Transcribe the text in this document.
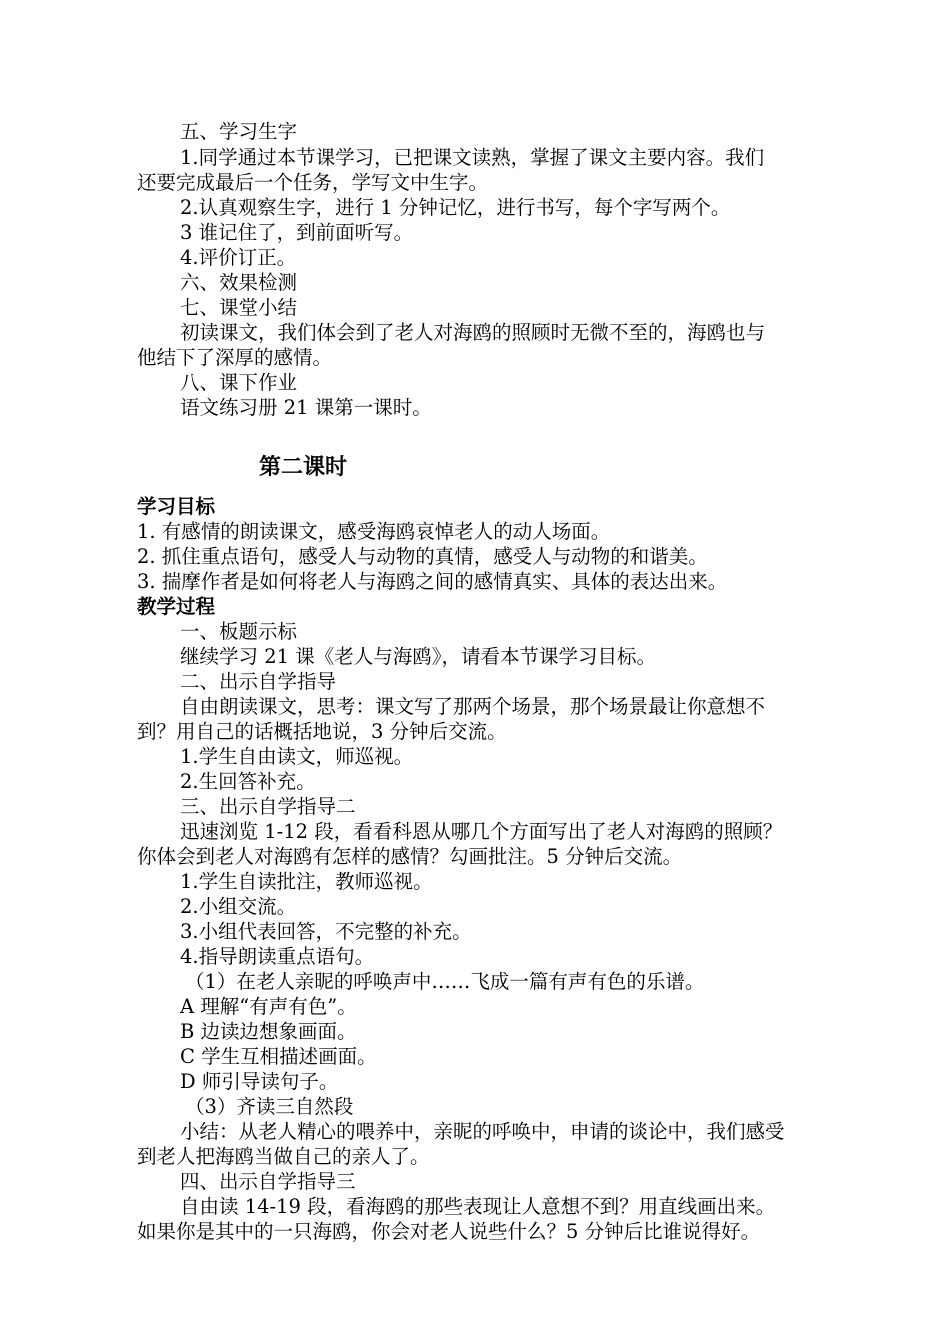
五、学习生字
1.同学通过本节课学习，已把课文读熟，掌握了课文主要内容。我们
还要完成最后一个任务，学写文中生字。
2.认真观察生字，进行 1 分钟记忆，进行书写，每个字写两个。
3 谁记住了，到前面听写。
4.评价订正。
六、效果检测
七、课堂小结
初读课文，我们体会到了老人对海鸥的照顾时无微不至的，海鸥也与
他结下了深厚的感情。
八、课下作业
语文练习册 21 课第一课时。
第二课时
学习目标
1. 有感情的朗读课文，感受海鸥哀悼老人的动人场面。
2. 抓住重点语句，感受人与动物的真情，感受人与动物的和谐美。
3. 揣摩作者是如何将老人与海鸥之间的感情真实、具体的表达出来。
教学过程
一、板题示标
继续学习 21 课《老人与海鸥》，请看本节课学习目标。
二、出示自学指导
自由朗读课文，思考：课文写了那两个场景，那个场景最让你意想不
到？用自己的话概括地说，3 分钟后交流。
1.学生自由读文，师巡视。
2.生回答补充。
三、出示自学指导二
迅速浏览 1-12 段，看看科恩从哪几个方面写出了老人对海鸥的照顾？
你体会到老人对海鸥有怎样的感情？勾画批注。5 分钟后交流。
1.学生自读批注，教师巡视。
2.小组交流。
3.小组代表回答，不完整的补充。
4.指导朗读重点语句。
（1）在老人亲昵的呼唤声中……飞成一篇有声有色的乐谱。
A 理解“有声有色”。
B 边读边想象画面。
C 学生互相描述画面。
D 师引导读句子。
（3）齐读三自然段
小结：从老人精心的喂养中，亲昵的呼唤中，申请的谈论中，我们感受
到老人把海鸥当做自己的亲人了。
四、出示自学指导三
自由读 14-19 段，看海鸥的那些表现让人意想不到？用直线画出来。
如果你是其中的一只海鸥，你会对老人说些什么？5 分钟后比谁说得好。
